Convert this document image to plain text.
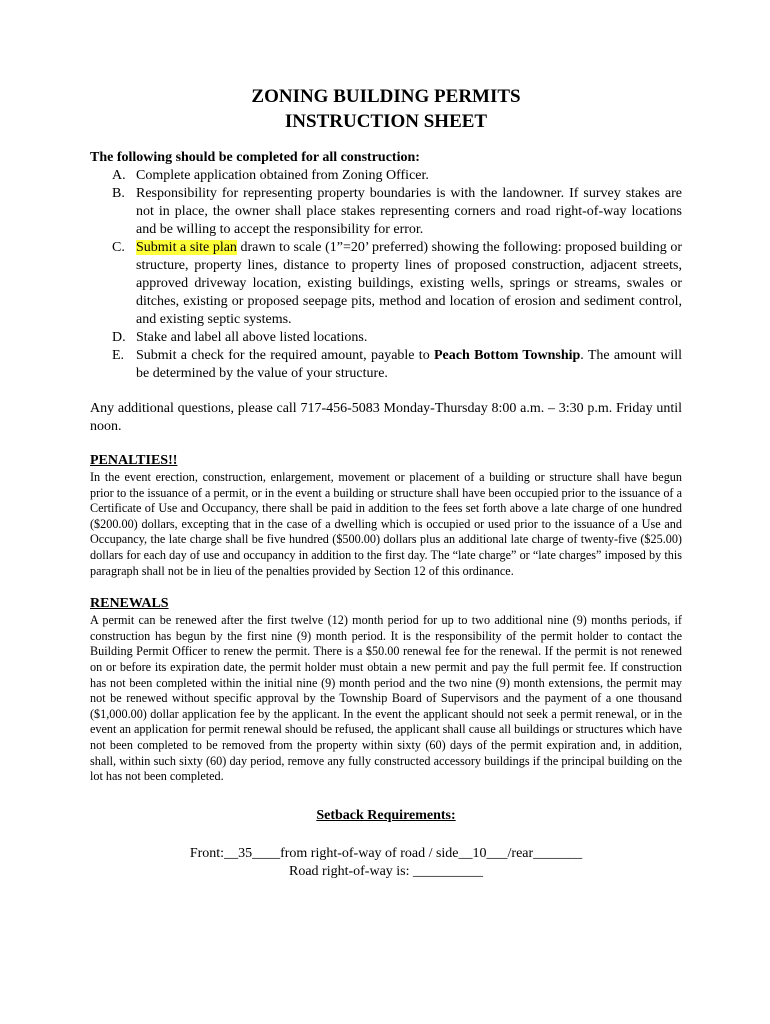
ZONING BUILDING PERMITS
INSTRUCTION SHEET
The following should be completed for all construction:
A. Complete application obtained from Zoning Officer.
B. Responsibility for representing property boundaries is with the landowner. If survey stakes are not in place, the owner shall place stakes representing corners and road right-of-way locations and be willing to accept the responsibility for error.
C. Submit a site plan drawn to scale (1”=20’ preferred) showing the following: proposed building or structure, property lines, distance to property lines of proposed construction, adjacent streets, approved driveway location, existing buildings, existing wells, springs or streams, swales or ditches, existing or proposed seepage pits, method and location of erosion and sediment control, and existing septic systems.
D. Stake and label all above listed locations.
E. Submit a check for the required amount, payable to Peach Bottom Township. The amount will be determined by the value of your structure.
Any additional questions, please call 717-456-5083 Monday-Thursday 8:00 a.m. – 3:30 p.m. Friday until noon.
PENALTIES!!

In the event erection, construction, enlargement, movement or placement of a building or structure shall have begun prior to the issuance of a permit, or in the event a building or structure shall have been occupied prior to the issuance of a Certificate of Use and Occupancy, there shall be paid in addition to the fees set forth above a late charge of one hundred ($200.00) dollars, excepting that in the case of a dwelling which is occupied or used prior to the issuance of a Use and Occupancy, the late charge shall be five hundred ($500.00) dollars plus an additional late charge of twenty-five ($25.00) dollars for each day of use and occupancy in addition to the first day. The “late charge” or “late charges” imposed by this paragraph shall not be in lieu of the penalties provided by Section 12 of this ordinance.

RENEWALS

A permit can be renewed after the first twelve (12) month period for up to two additional nine (9) months periods, if construction has begun by the first nine (9) month period. It is the responsibility of the permit holder to contact the Building Permit Officer to renew the permit. There is a $50.00 renewal fee for the renewal. If the permit is not renewed on or before its expiration date, the permit holder must obtain a new permit and pay the full permit fee. If construction has not been completed within the initial nine (9) month period and the two nine (9) month extensions, the permit may not be renewed without specific approval by the Township Board of Supervisors and the payment of a one thousand ($1,000.00) dollar application fee by the applicant. In the event the applicant should not seek a permit renewal, or in the event an application for permit renewal should be refused, the applicant shall cause all buildings or structures which have not been completed to be removed from the property within sixty (60) days of the permit expiration and, in addition, shall, within such sixty (60) day period, remove any fully constructed accessory buildings if the principal building on the lot has not been completed.

Setback Requirements:
Front:__35____from right-of-way of road / side__10___/rear_______
Road right-of-way is: __________
